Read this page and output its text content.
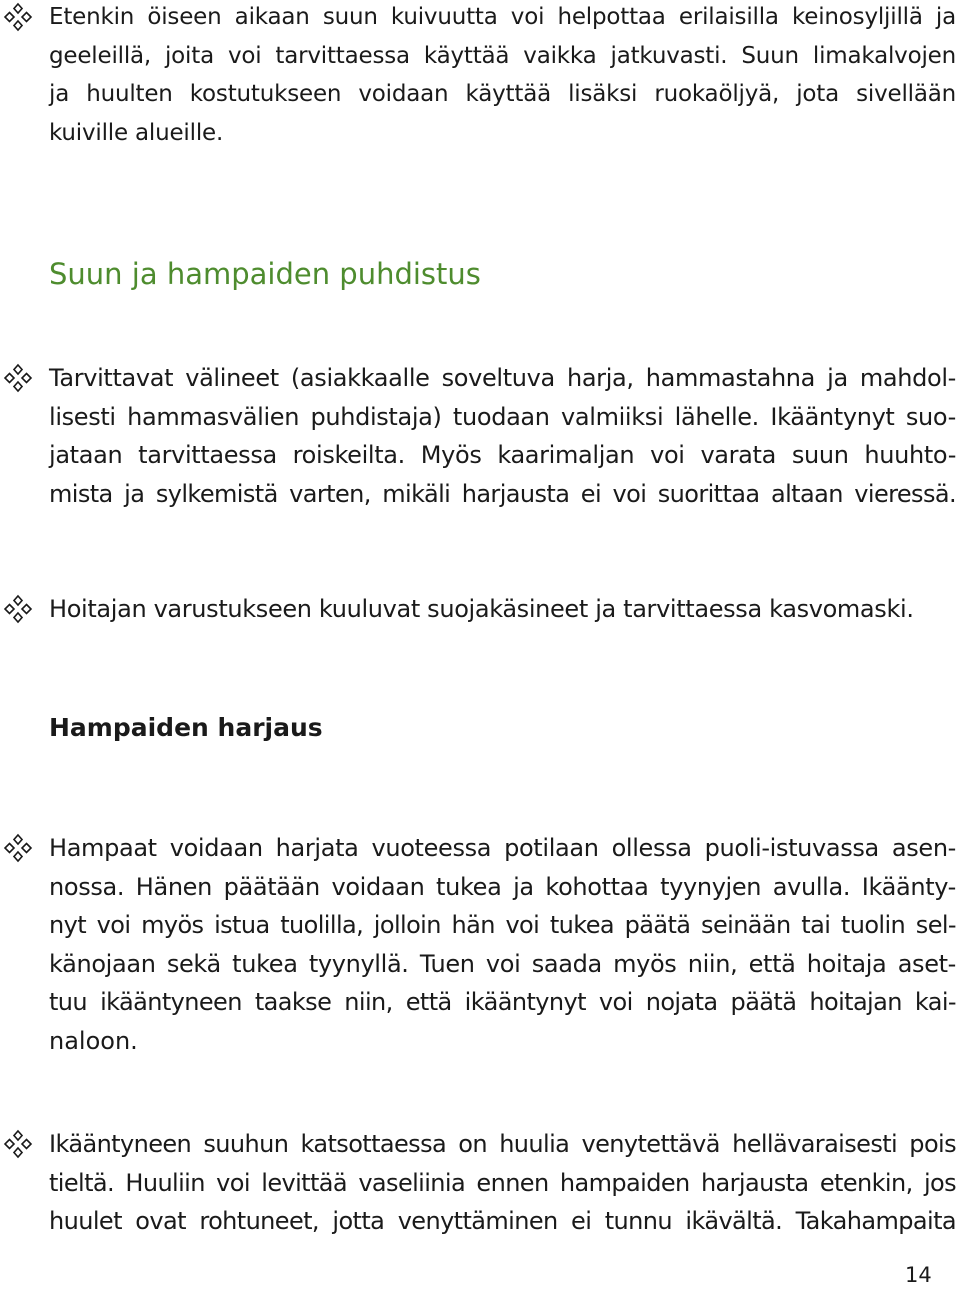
Etenkin öiseen aikaan suun kuivuutta voi helpottaa erilaisilla keinosyljillä ja
geeleillä, joita voi tarvittaessa käyttää vaikka jatkuvasti. Suun limakalvojen
ja huulten kostutukseen voidaan käyttää lisäksi ruokaöljyä, jota sivellään
kuiville alueille.

Suun ja hampaiden puhdistus

Tarvittavat välineet (asiakkaalle soveltuva harja, hammastahna ja mahdol-
lisesti hammasvälien puhdistaja) tuodaan valmiiksi lähelle. Ikääntynyt suo-
jataan tarvittaessa roiskeilta. Myös kaarimaljan voi varata suun huuhto-
mista ja sylkemistä varten, mikäli harjausta ei voi suorittaa altaan vieressä.

Hoitajan varustukseen kuuluvat suojakäsineet ja tarvittaessa kasvomaski.

Hampaiden harjaus

Hampaat voidaan harjata vuoteessa potilaan ollessa puoli-istuvassa asen-
nossa. Hänen päätään voidaan tukea ja kohottaa tyynyjen avulla. Ikäänty-
nyt voi myös istua tuolilla, jolloin hän voi tukea päätä seinään tai tuolin sel-
känojaan sekä tukea tyynyllä. Tuen voi saada myös niin, että hoitaja aset-
tuu ikääntyneen taakse niin, että ikääntynyt voi nojata päätä hoitajan kai-
naloon.

Ikääntyneen suuhun katsottaessa on huulia venytettävä hellävaraisesti pois
tieltä. Huuliin voi levittää vaseliinia ennen hampaiden harjausta etenkin, jos
huulet ovat rohtuneet, jotta venyttäminen ei tunnu ikävältä. Takahampaita

14
